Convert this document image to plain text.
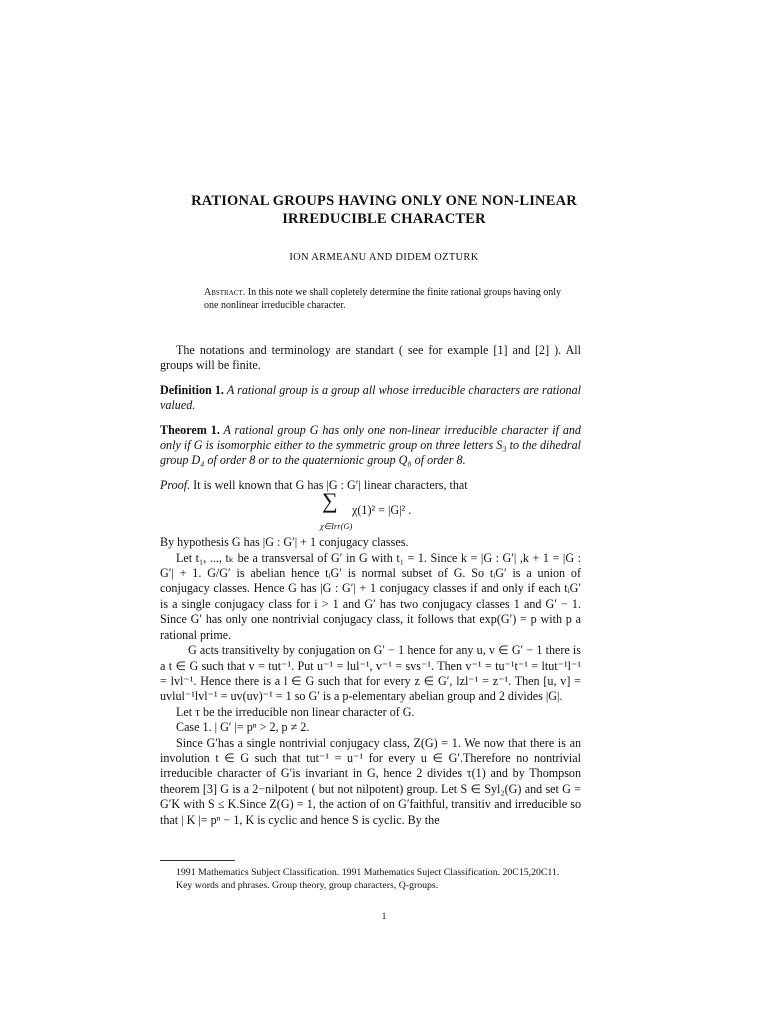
RATIONAL GROUPS HAVING ONLY ONE NON-LINEAR
IRREDUCIBLE CHARACTER
ION ARMEANU AND DIDEM OZTURK
Abstract. In this note we shall copletely determine the finite rational groups having only one nonlinear irreducible character.

The notations and terminology are standart ( see for example [1] and [2] ). All groups will be finite.

Definition 1. A rational group is a group all whose irreducible characters are rational valued.

Theorem 1. A rational group G has only one non-linear irreducible character if and only if G is isomorphic either to the symmetric group on three letters S₃ to the dihedral group D₄ of order 8 or to the quaternionic group Q₈ of order 8.

Proof. It is well known that G has |G : G′| linear characters, that

∑
χ∈Irr(G)
χ(1)² = |G|² .

By hypothesis G has |G : G′| + 1 conjugacy classes.

Let t₁, ..., tₖ be a transversal of G′ in G with t₁ = 1. Since k = |G : G′| ,k + 1 = |G : G′| + 1. G/G′ is abelian hence tᵢG′ is normal subset of G. So tᵢG′ is a union of conjugacy classes. Hence G has |G : G′| + 1 conjugacy classes if and only if each tᵢG′ is a single conjugacy class for i > 1 and G′ has two conjugacy classes 1 and G′ − 1. Since G′ has only one nontrivial conjugacy class, it follows that exp(G′) = p with p a rational prime.

G acts transitivelty by conjugation on G′ − 1 hence for any u, v ∈ G′ − 1 there is a t ∈ G such that v = tut⁻¹. Put u⁻¹ = lul⁻¹, v⁻¹ = svs⁻¹. Then v⁻¹ = tu⁻¹t⁻¹ = ltut⁻¹l⁻¹ = lvl⁻¹. Hence there is a l ∈ G such that for every z ∈ G′, lzl⁻¹ = z⁻¹. Then [u, v] = uvlul⁻¹lvl⁻¹ = uv(uv)⁻¹ = 1 so G′ is a p-elementary abelian group and 2 divides |G|.

Let τ be the irreducible non linear character of G.

Case 1. | G′ |= pⁿ > 2, p ≠ 2.

Since G′has a single nontrivial conjugacy class, Z(G) = 1. We now that there is an involution t ∈ G such that tut⁻¹ = u⁻¹ for every u ∈ G′.Therefore no nontrivial irreducible character of G′is invariant in G, hence 2 divides τ(1) and by Thompson theorem [3] G is a 2−nilpotent ( but not nilpotent) group. Let S ∈ Syl₂(G) and set G = G′K with S ≤ K.Since Z(G) = 1, the action of on G′faithful, transitiv and irreducible so that | K |= pⁿ − 1, K is cyclic and hence S is cyclic. By the

1991 Mathematics Subject Classification. 1991 Mathematics Suject Classification. 20C15,20C11.

Key words and phrases. Group theory, group characters, Q-groups.

1
